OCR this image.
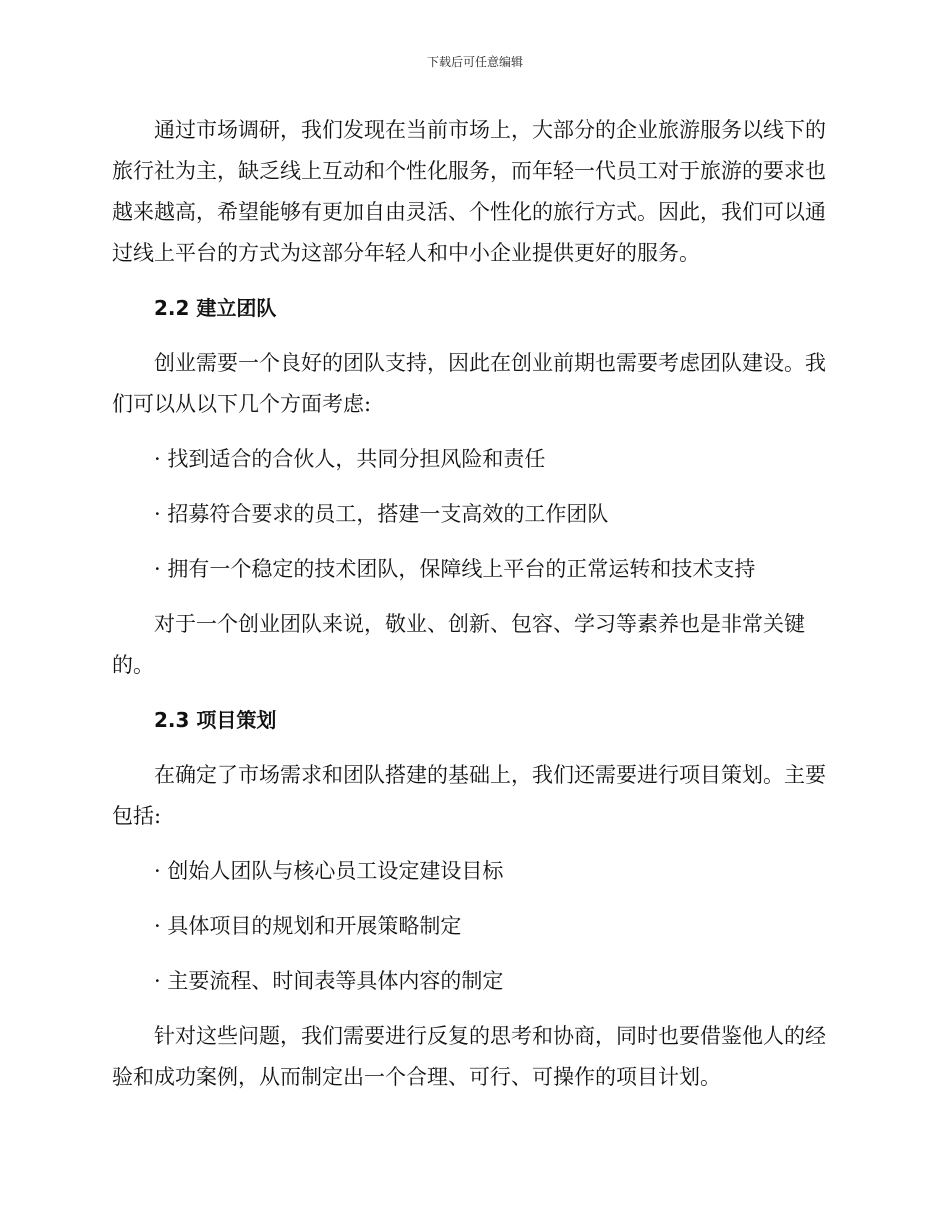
下载后可任意编辑

通过市场调研，我们发现在当前市场上，大部分的企业旅游服务以线下的旅行社为主，缺乏线上互动和个性化服务，而年轻一代员工对于旅游的要求也越来越高，希望能够有更加自由灵活、个性化的旅行方式。因此，我们可以通过线上平台的方式为这部分年轻人和中小企业提供更好的服务。

2.2 建立团队

创业需要一个良好的团队支持，因此在创业前期也需要考虑团队建设。我们可以从以下几个方面考虑:

· 找到适合的合伙人，共同分担风险和责任
· 招募符合要求的员工，搭建一支高效的工作团队
· 拥有一个稳定的技术团队，保障线上平台的正常运转和技术支持

对于一个创业团队来说，敬业、创新、包容、学习等素养也是非常关键的。

2.3 项目策划

在确定了市场需求和团队搭建的基础上，我们还需要进行项目策划。主要包括:

· 创始人团队与核心员工设定建设目标
· 具体项目的规划和开展策略制定
· 主要流程、时间表等具体内容的制定

针对这些问题，我们需要进行反复的思考和协商，同时也要借鉴他人的经验和成功案例，从而制定出一个合理、可行、可操作的项目计划。
